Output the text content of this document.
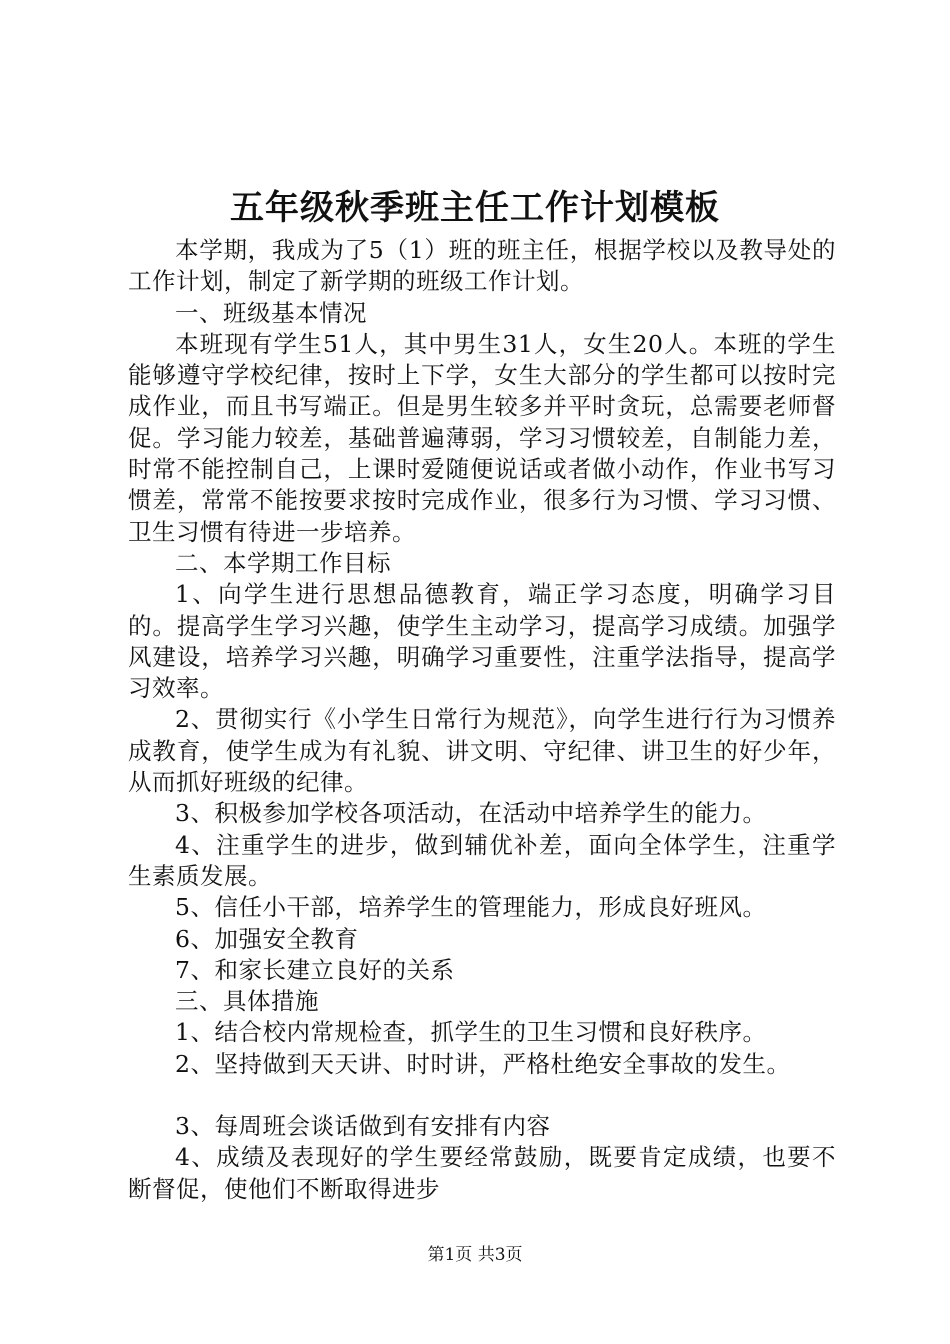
五年级秋季班主任工作计划模板

本学期，我成为了5（1）班的班主任，根据学校以及教导处的工作计划，制定了新学期的班级工作计划。

一、班级基本情况

本班现有学生51人，其中男生31人，女生20人。本班的学生能够遵守学校纪律，按时上下学，女生大部分的学生都可以按时完成作业，而且书写端正。但是男生较多并平时贪玩，总需要老师督促。学习能力较差，基础普遍薄弱，学习习惯较差，自制能力差，时常不能控制自己，上课时爱随便说话或者做小动作，作业书写习惯差，常常不能按要求按时完成作业，很多行为习惯、学习习惯、卫生习惯有待进一步培养。

二、本学期工作目标

1、向学生进行思想品德教育，端正学习态度，明确学习目的。提高学生学习兴趣，使学生主动学习，提高学习成绩。加强学风建设，培养学习兴趣，明确学习重要性，注重学法指导，提高学习效率。

2、贯彻实行《小学生日常行为规范》，向学生进行行为习惯养成教育，使学生成为有礼貌、讲文明、守纪律、讲卫生的好少年，从而抓好班级的纪律。

3、积极参加学校各项活动，在活动中培养学生的能力。

4、注重学生的进步，做到辅优补差，面向全体学生，注重学生素质发展。

5、信任小干部，培养学生的管理能力，形成良好班风。

6、加强安全教育

7、和家长建立良好的关系

三、具体措施

1、结合校内常规检查，抓学生的卫生习惯和良好秩序。

2、坚持做到天天讲、时时讲，严格杜绝安全事故的发生。

3、每周班会谈话做到有安排有内容

4、成绩及表现好的学生要经常鼓励，既要肯定成绩，也要不断督促，使他们不断取得进步

第1页 共3页
